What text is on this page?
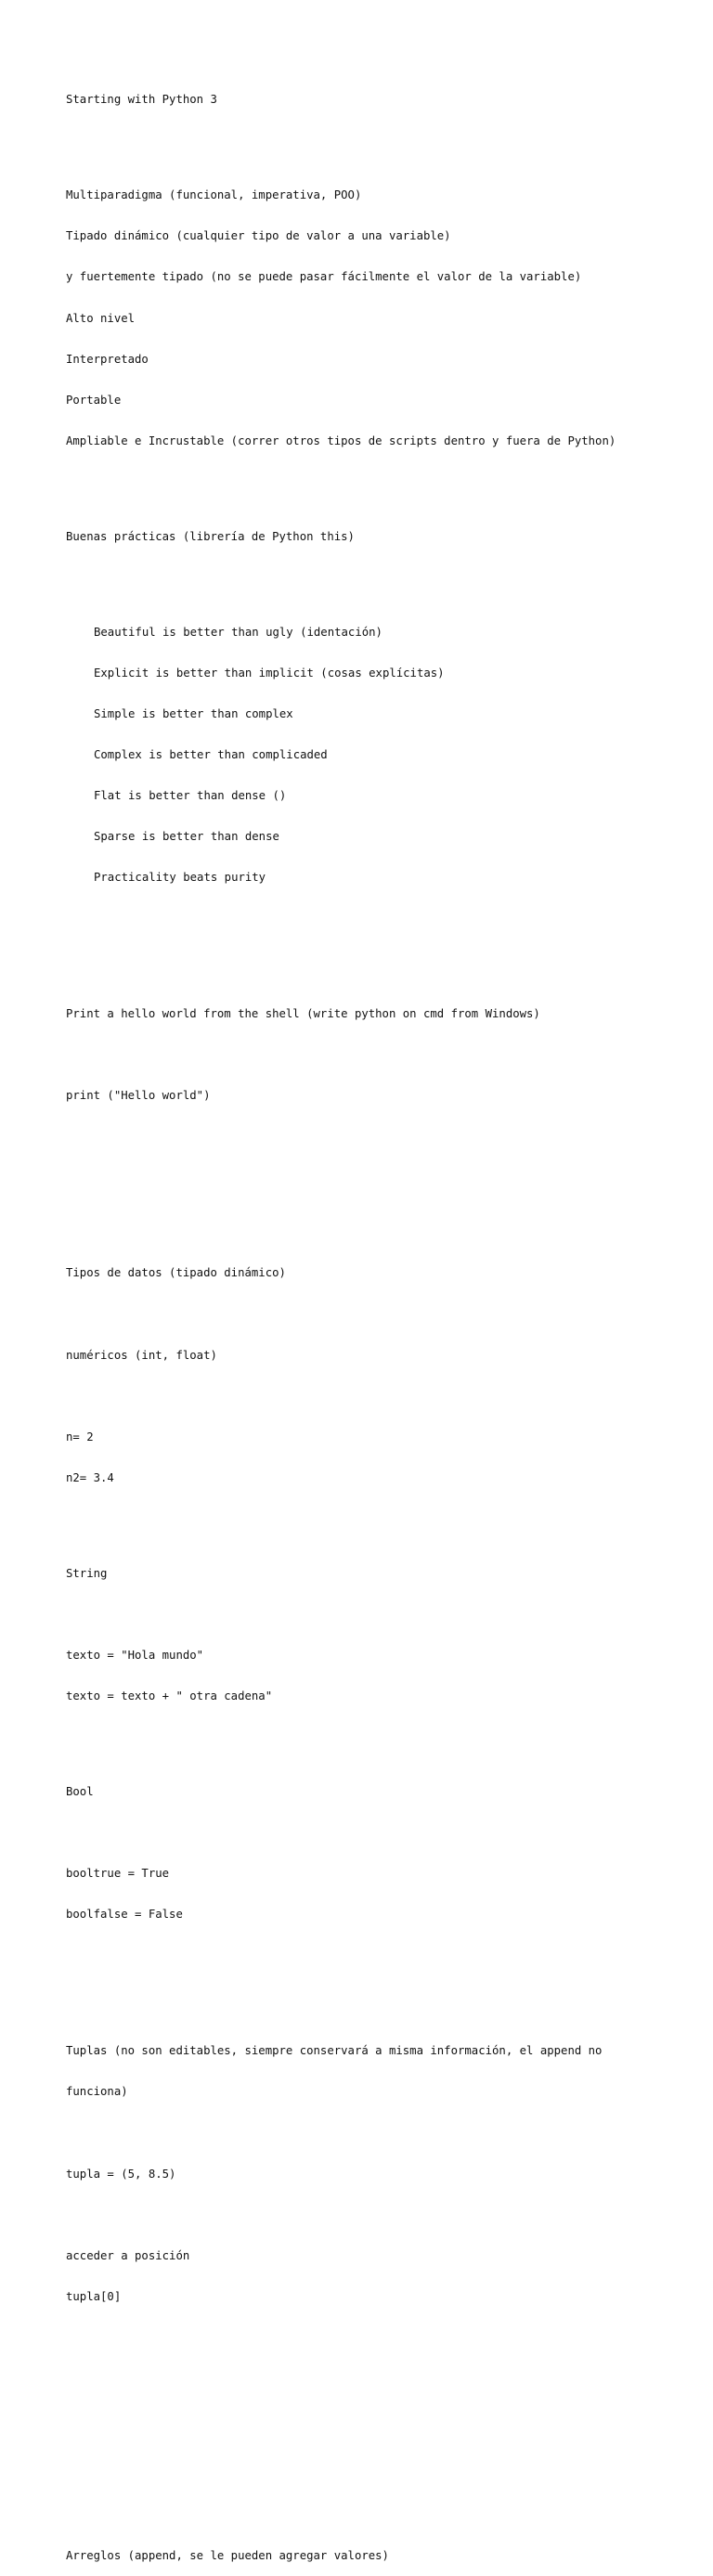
Starting with Python 3

Multiparadigma (funcional, imperativa, POO)

Tipado dinámico (cualquier tipo de valor a una variable)

y fuertemente tipado (no se puede pasar fácilmente el valor de la variable)

Alto nivel

Interpretado

Portable

Ampliable e Incrustable (correr otros tipos de scripts dentro y fuera de Python)

Buenas prácticas (librería de Python this)

Beautiful is better than ugly (identación)

Explicit is better than implicit (cosas explícitas)

Simple is better than complex

Complex is better than complicaded

Flat is better than dense ()

Sparse is better than dense

Practicality beats purity

Print a hello world from the shell (write python on cmd from Windows)

print ("Hello world")

Tipos de datos (tipado dinámico)

numéricos (int, float)

n= 2

n2= 3.4

String

texto = "Hola mundo"

texto = texto + " otra cadena"

Bool

booltrue = True

boolfalse = False

Tuplas (no son editables, siempre conservará a misma información, el append no

funciona)

tupla = (5, 8.5)

acceder a posición

tupla[0]

Arreglos (append, se le pueden agregar valores)
